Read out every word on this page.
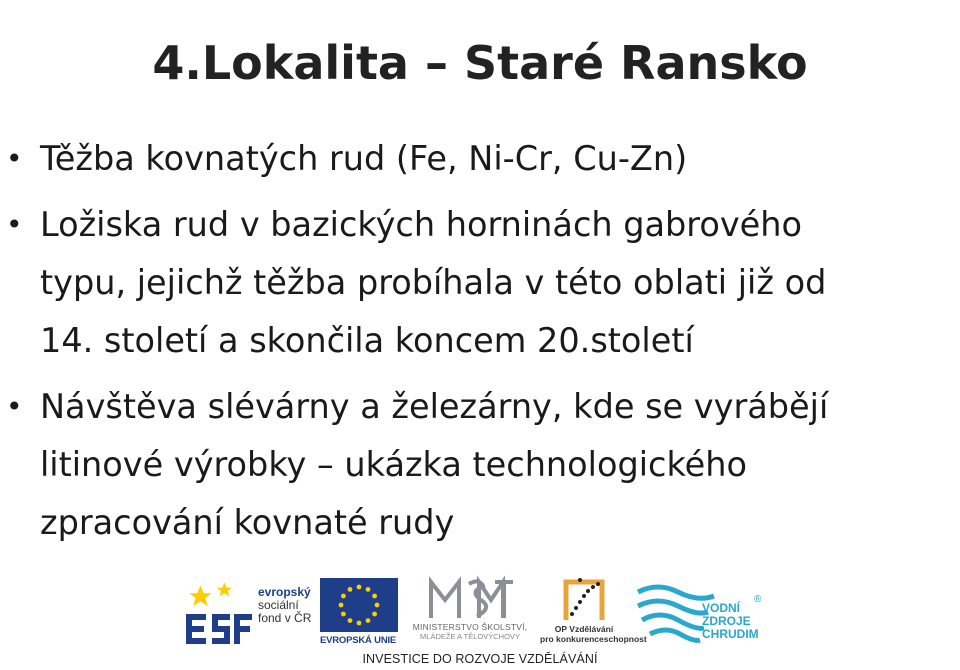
4.Lokalita – Staré Ransko
• Těžba kovnatých rud (Fe, Ni-Cr, Cu-Zn)
• Ložiska rud v bazických horninách gabrového
typu, jejichž těžba probíhala v této oblati již od
14. století a skončila koncem 20.století
• Návštěva slévárny a železárny, kde se vyrábějí
litinové výrobky – ukázka technologického
zpracování kovnaté rudy
evropský
sociální
fond v ČR
EVROPSKÁ UNIE
MINISTERSTVO ŠKOLSTVÍ,
MLÁDEŽE A TĚLOVÝCHOVY
OP Vzdělávání
pro konkurenceschopnost
VODNÍ
ZDROJE
CHRUDIM
®
INVESTICE DO ROZVOJE VZDĚLÁVÁNÍ
